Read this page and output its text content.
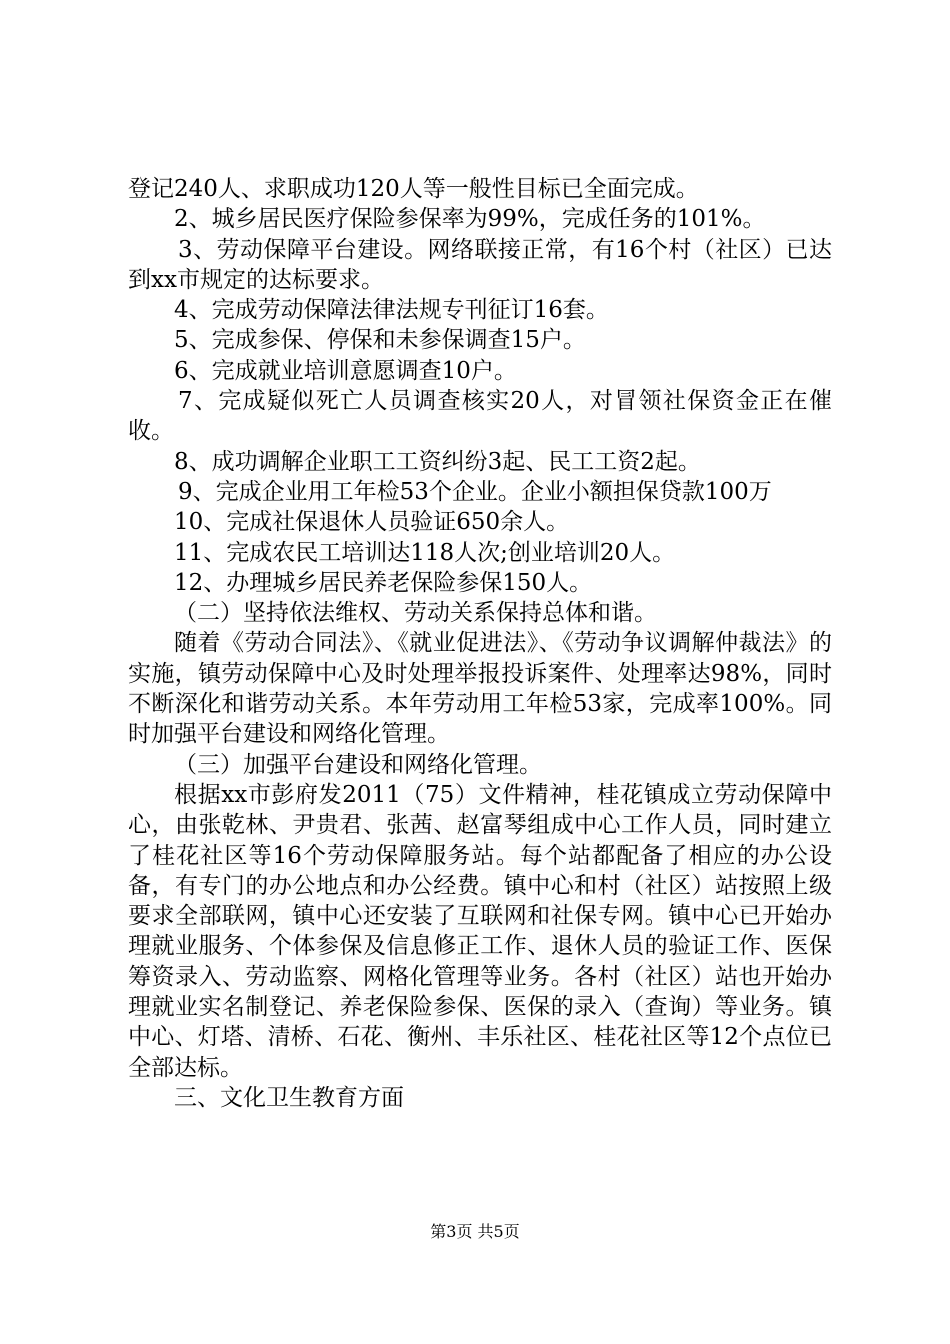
登记240人、求职成功120人等一般性目标已全面完成。

2、城乡居民医疗保险参保率为99%，完成任务的101%。

3、劳动保障平台建设。网络联接正常，有16个村（社区）已达到xx市规定的达标要求。

4、完成劳动保障法律法规专刊征订16套。

5、完成参保、停保和未参保调查15户。

6、完成就业培训意愿调查10户。

7、完成疑似死亡人员调查核实20人，对冒领社保资金正在催收。

8、成功调解企业职工工资纠纷3起、民工工资2起。

9、完成企业用工年检53个企业。企业小额担保贷款100万

10、完成社保退休人员验证650余人。

11、完成农民工培训达118人次;创业培训20人。

12、办理城乡居民养老保险参保150人。

（二）坚持依法维权、劳动关系保持总体和谐。

随着《劳动合同法》、《就业促进法》、《劳动争议调解仲裁法》的实施，镇劳动保障中心及时处理举报投诉案件、处理率达98%，同时不断深化和谐劳动关系。本年劳动用工年检53家，完成率100%。同时加强平台建设和网络化管理。

（三）加强平台建设和网络化管理。

根据xx市彭府发2011（75）文件精神，桂花镇成立劳动保障中心，由张乾林、尹贵君、张茜、赵富琴组成中心工作人员，同时建立了桂花社区等16个劳动保障服务站。每个站都配备了相应的办公设备，有专门的办公地点和办公经费。镇中心和村（社区）站按照上级要求全部联网，镇中心还安装了互联网和社保专网。镇中心已开始办理就业服务、个体参保及信息修正工作、退休人员的验证工作、医保筹资录入、劳动监察、网格化管理等业务。各村（社区）站也开始办理就业实名制登记、养老保险参保、医保的录入（查询）等业务。镇中心、灯塔、清桥、石花、衡州、丰乐社区、桂花社区等12个点位已全部达标。

三、文化卫生教育方面

第3页 共5页
